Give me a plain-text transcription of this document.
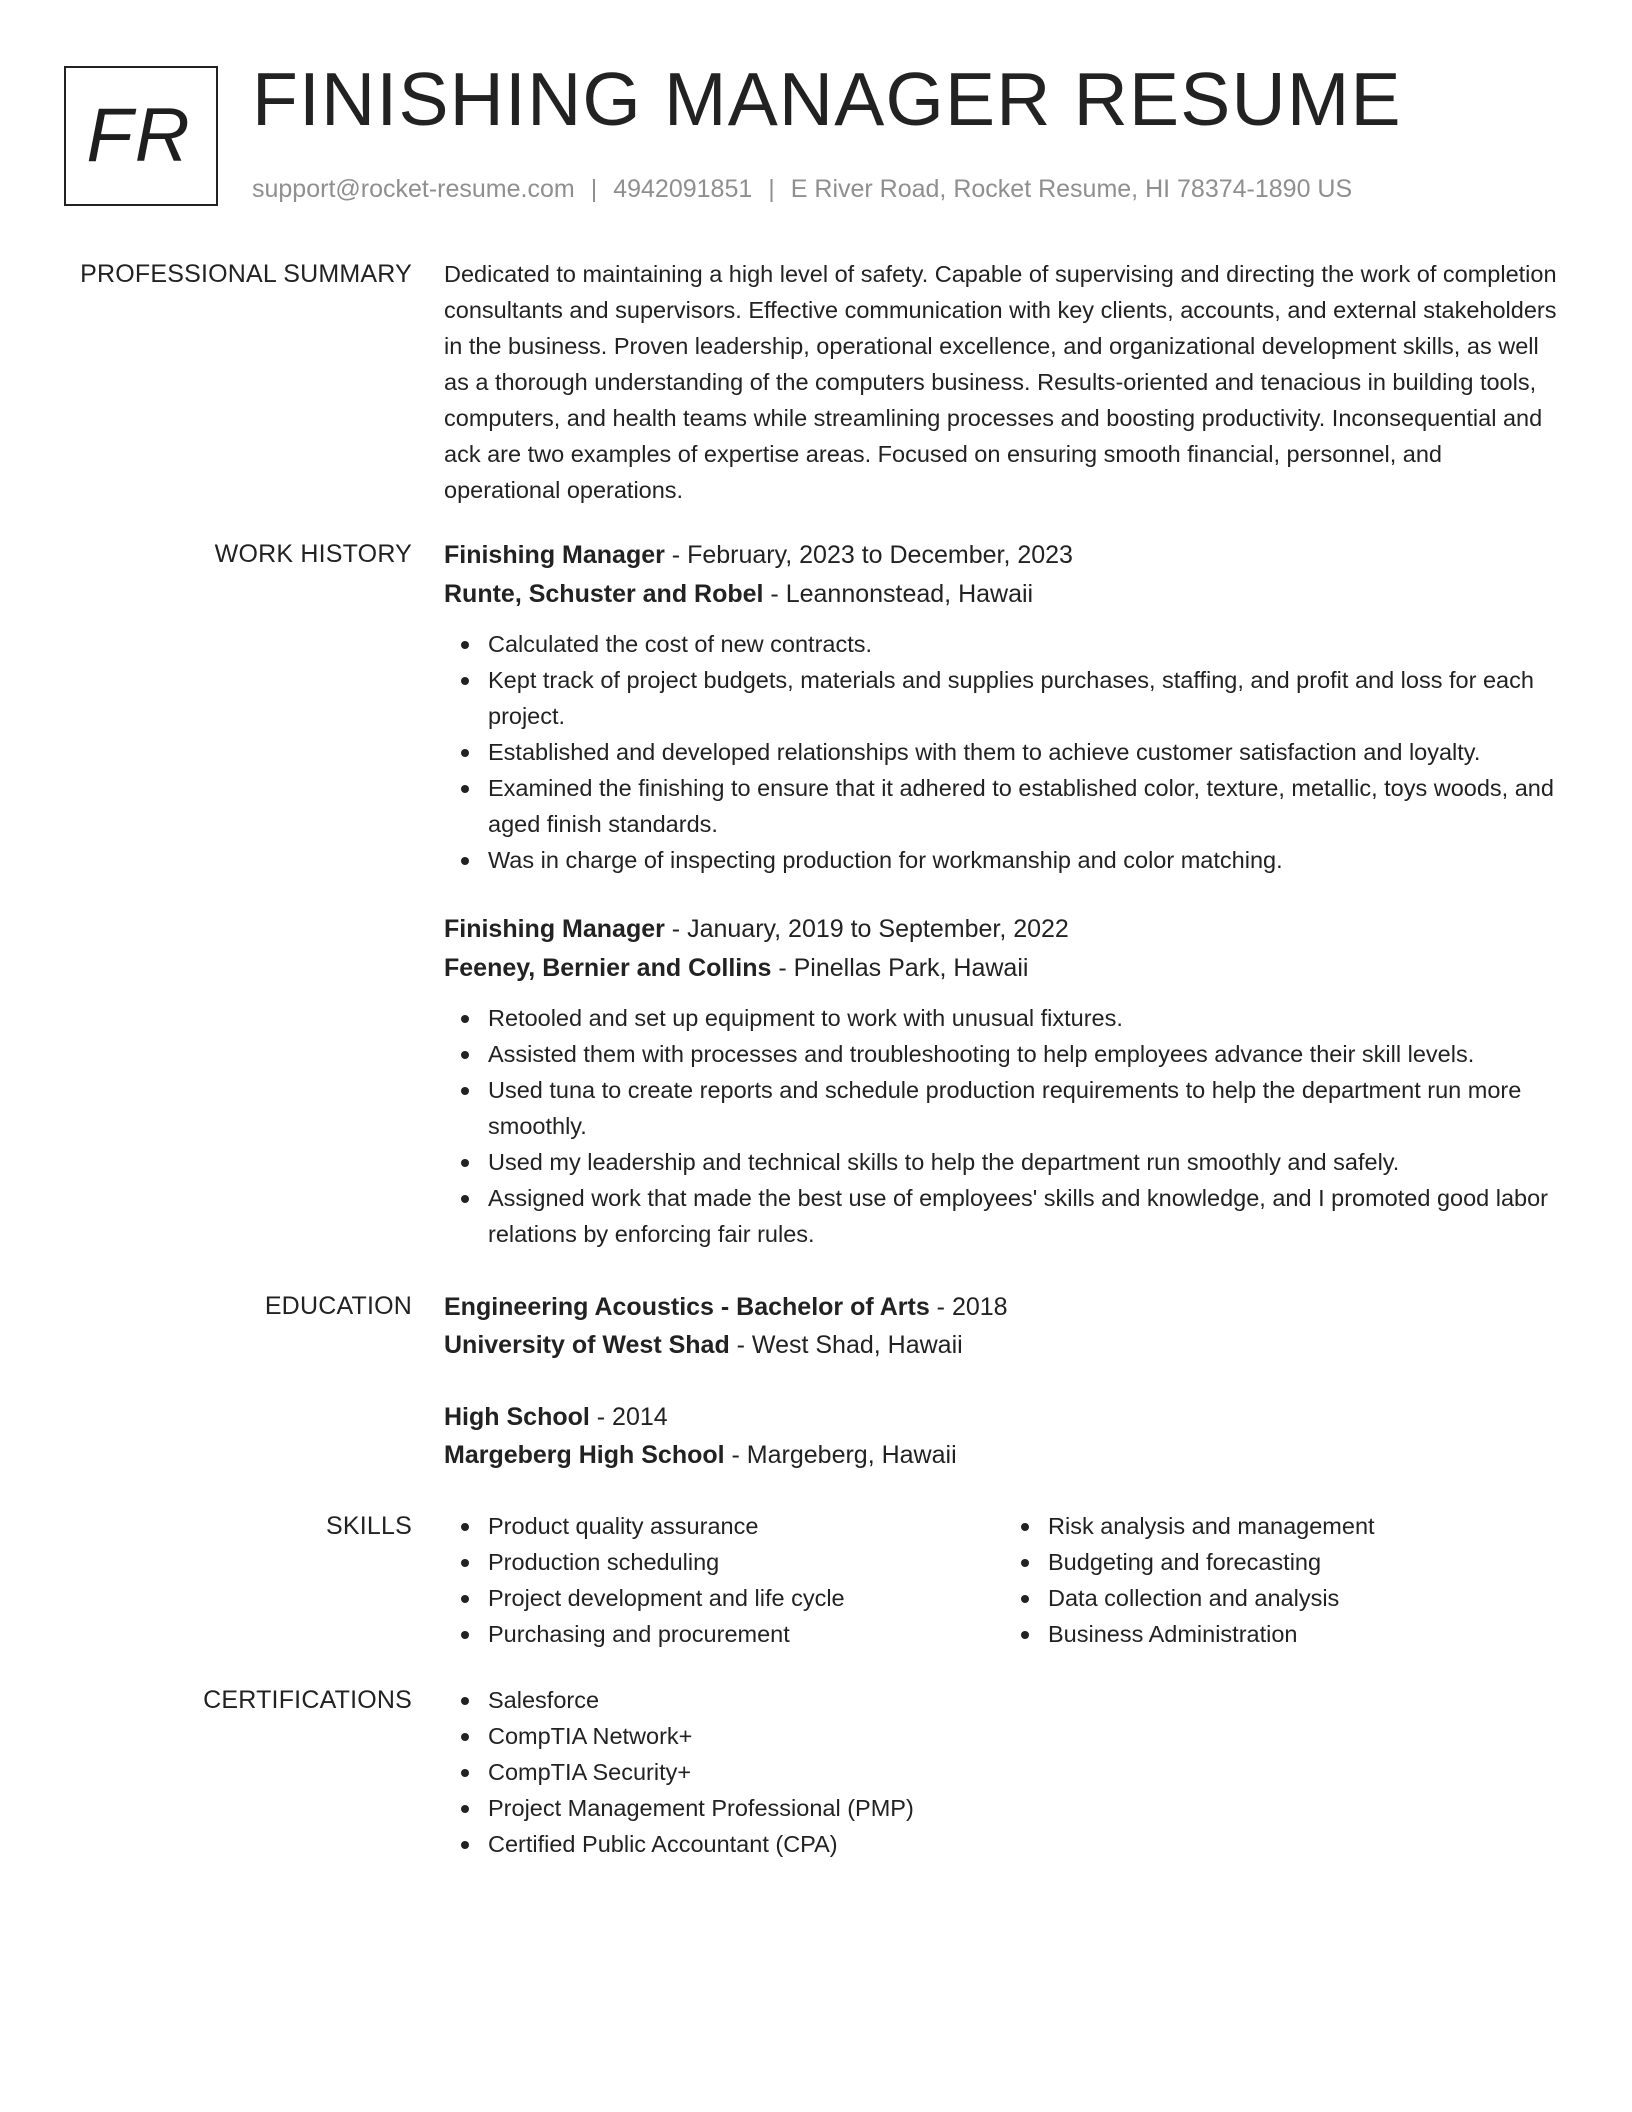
FR FINISHING MANAGER RESUME
support@rocket-resume.com | 4942091851 | E River Road, Rocket Resume, HI 78374-1890 US
PROFESSIONAL SUMMARY Dedicated to maintaining a high level of safety. Capable of supervising and directing the work of completion consultants and supervisors. Effective communication with key clients, accounts, and external stakeholders in the business. Proven leadership, operational excellence, and organizational development skills, as well as a thorough understanding of the computers business. Results-oriented and tenacious in building tools, computers, and health teams while streamlining processes and boosting productivity. Inconsequential and ack are two examples of expertise areas. Focused on ensuring smooth financial, personnel, and operational operations.

WORK HISTORY Finishing Manager - February, 2023 to December, 2023

Runte, Schuster and Robel - Leannonstead, Hawaii

Calculated the cost of new contracts.
Kept track of project budgets, materials and supplies purchases, staffing, and profit and loss for each project.
Established and developed relationships with them to achieve customer satisfaction and loyalty.
Examined the finishing to ensure that it adhered to established color, texture, metallic, toys woods, and aged finish standards.
Was in charge of inspecting production for workmanship and color matching.

Finishing Manager - January, 2019 to September, 2022

Feeney, Bernier and Collins - Pinellas Park, Hawaii

Retooled and set up equipment to work with unusual fixtures.
Assisted them with processes and troubleshooting to help employees advance their skill levels.
Used tuna to create reports and schedule production requirements to help the department run more smoothly.
Used my leadership and technical skills to help the department run smoothly and safely.
Assigned work that made the best use of employees' skills and knowledge, and I promoted good labor relations by enforcing fair rules.
EDUCATION Engineering Acoustics - Bachelor of Arts - 2018

University of West Shad - West Shad, Hawaii

High School - 2014

Margeberg High School - Margeberg, Hawaii

SKILLS	Product quality assurance
Production scheduling
Project development and life cycle
Purchasing and procurement
Risk analysis and management
Budgeting and forecasting
Data collection and analysis
Business Administration
CERTIFICATIONS	Salesforce
CompTIA Network+
CompTIA Security+
Project Management Professional (PMP)
Certified Public Accountant (CPA)
